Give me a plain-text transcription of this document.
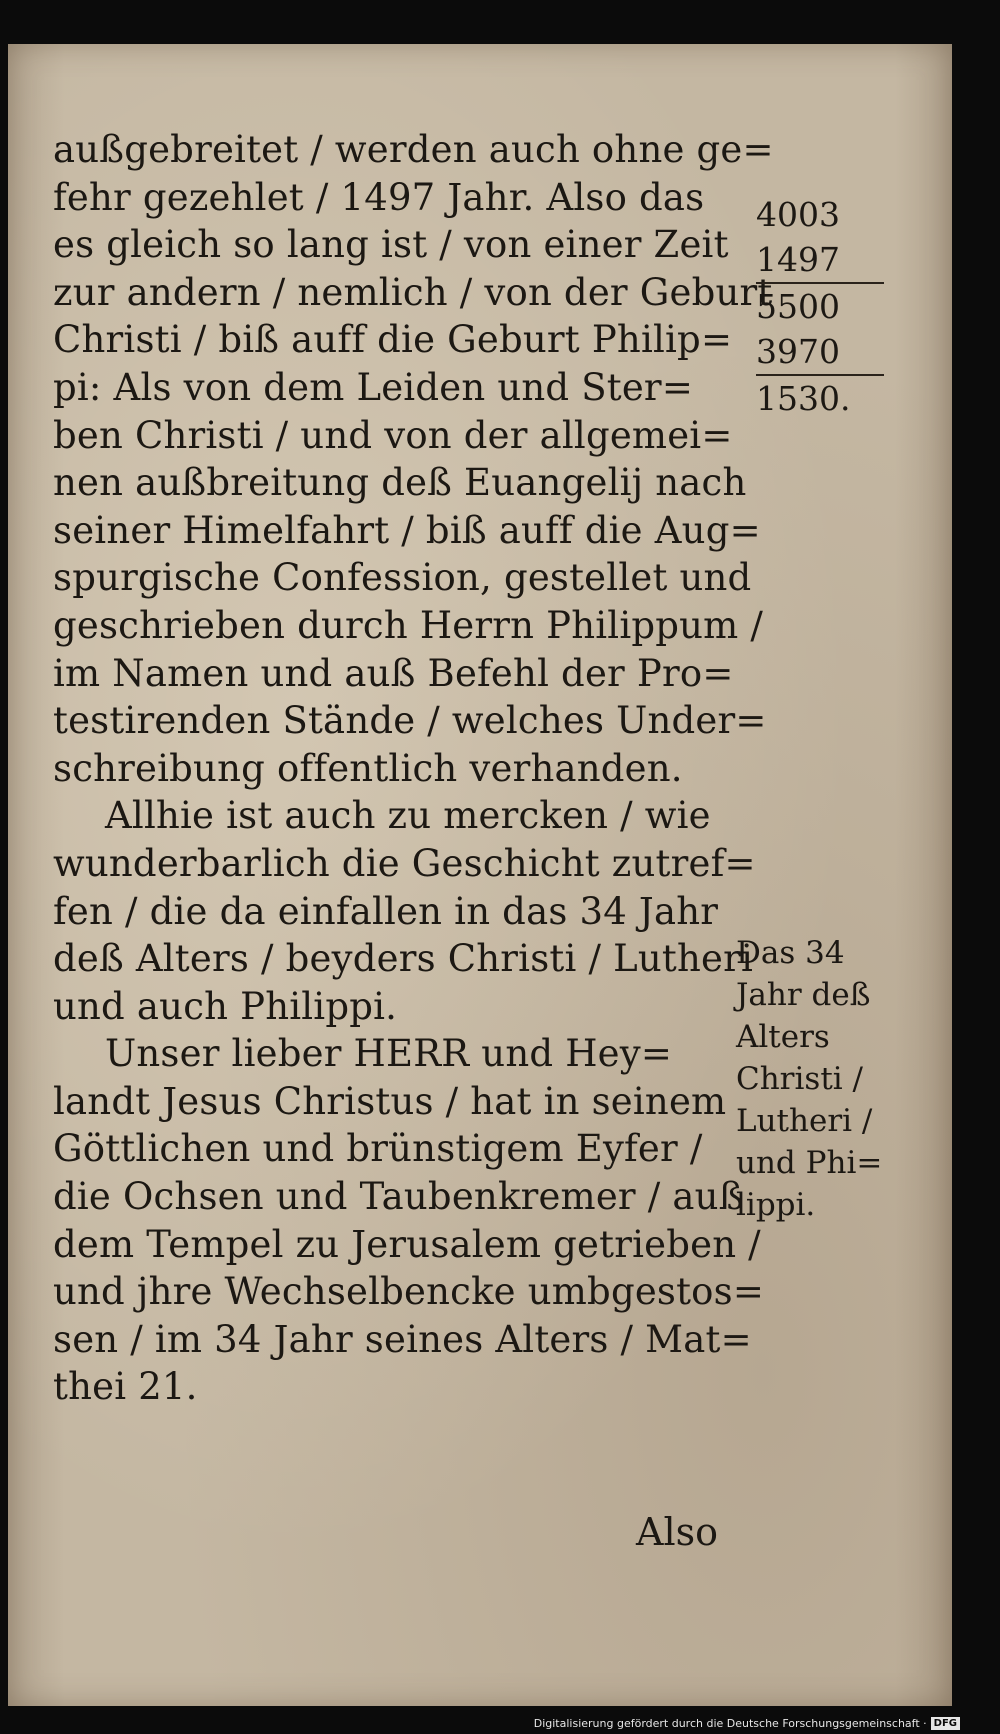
außgebreitet / werden auch ohne ge=
fehr gezehlet / 1497 Jahr. Also das
es gleich so lang ist / von einer Zeit
zur andern / nemlich / von der Geburt
Christi / biß auff die Geburt Philip=
pi: Als von dem Leiden und Ster=
ben Christi / und von der allgemei=
nen außbreitung deß Euangelij nach
seiner Himelfahrt / biß auff die Aug=
spurgische Confession, gestellet und
geschrieben durch Herrn Philippum /
im Namen und auß Befehl der Pro=
testirenden Stände / welches Under=
schreibung offentlich verhanden.
Allhie ist auch zu mercken / wie
wunderbarlich die Geschicht zutref=
fen / die da einfallen in das 34 Jahr
deß Alters / beyders Christi / Lutheri
und auch Philippi.
Unser lieber HERR und Hey=
landt Jesus Christus / hat in seinem
Göttlichen und brünstigem Eyfer /
die Ochsen und Taubenkremer / auß
dem Tempel zu Jerusalem getrieben /
und jhre Wechselbencke umbgestos=
sen / im 34 Jahr seines Alters / Mat=
thei 21.
4003
1497
5500
3970
1530.
Das 34
Jahr deß
Alters
Christi /
Lutheri /
und Phi=
lippi.
Also
Digitalisierung gefördert durch die Deutsche Forschungsgemeinschaft · DFG
